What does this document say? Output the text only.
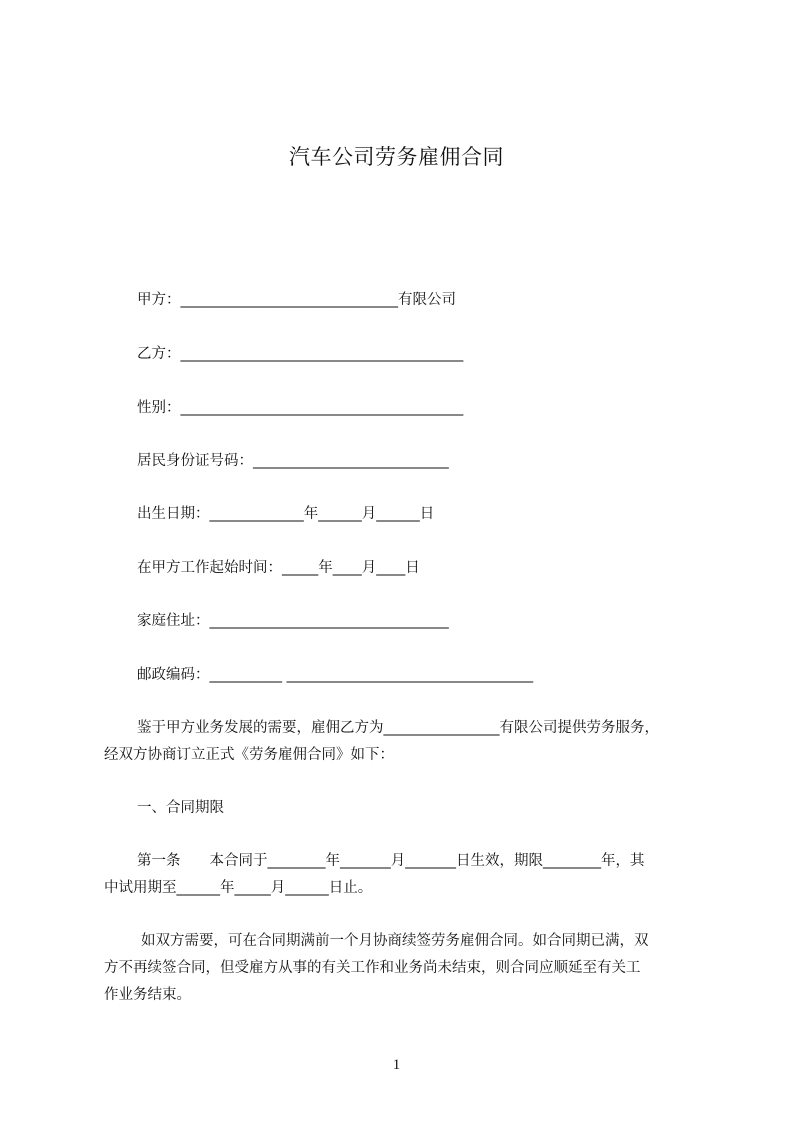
汽车公司劳务雇佣合同
甲方：______________________________有限公司
乙方：_______________________________________
性别：_______________________________________
居民身份证号码：___________________________
出生日期：_____________年______月______日
在甲方工作起始时间：_____年____月____日
家庭住址：_________________________________
邮政编码：__________ __________________________________
鉴于甲方业务发展的需要，雇佣乙方为________________有限公司提供劳务服务，
经双方协商订立正式《劳务雇佣合同》如下：
一、合同期限
第一条　　本合同于________年_______月_______日生效，期限________年，其
中试用期至______年_____月______日止。
如双方需要，可在合同期满前一个月协商续签劳务雇佣合同。如合同期已满，双
方不再续签合同，但受雇方从事的有关工作和业务尚未结束，则合同应顺延至有关工
作业务结束。
1
